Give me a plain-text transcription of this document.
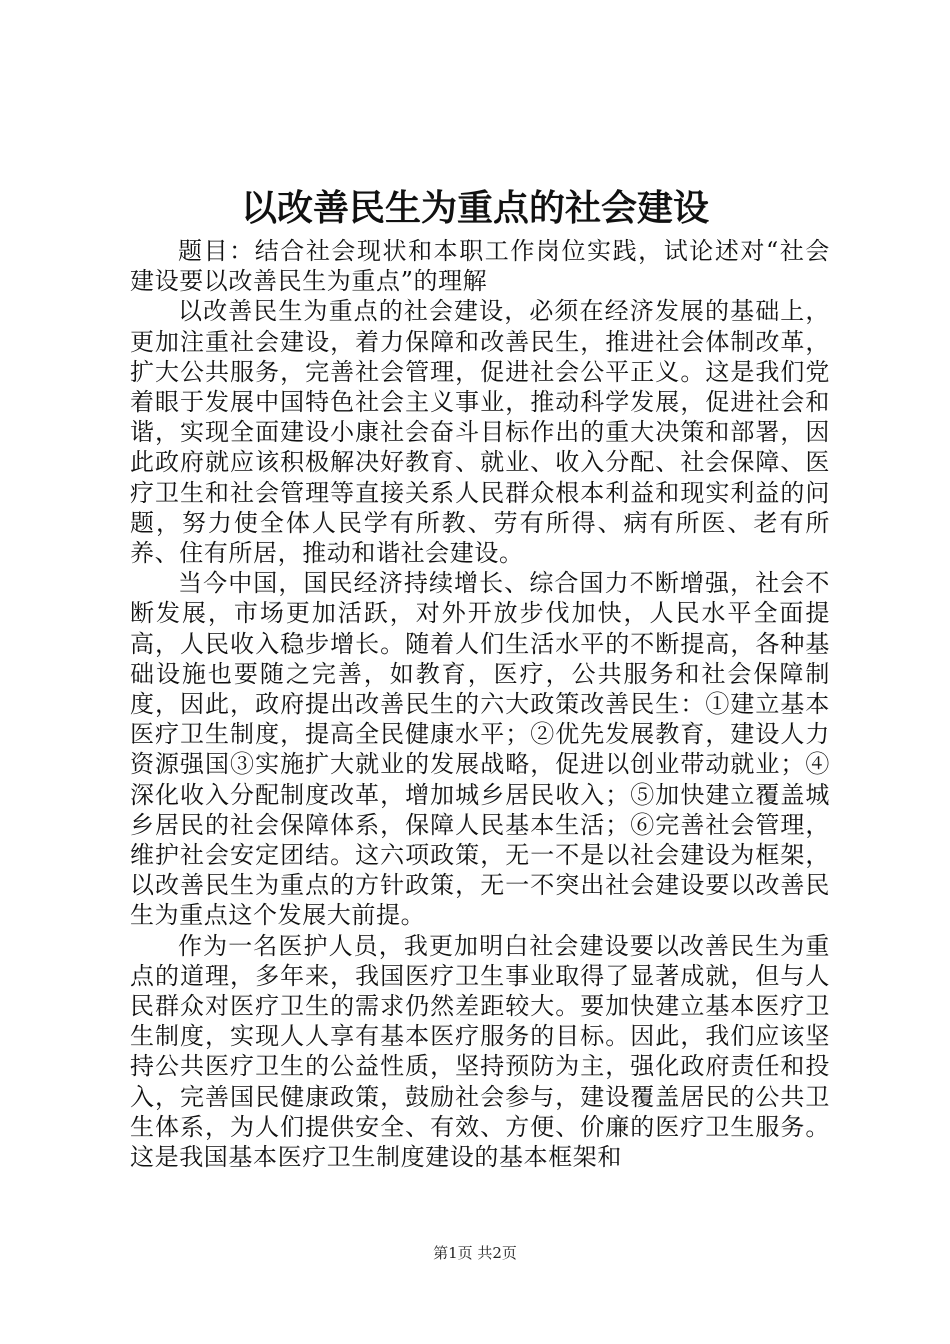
以改善民生为重点的社会建设

题目：结合社会现状和本职工作岗位实践，试论述对“社会建设要以改善民生为重点”的理解

以改善民生为重点的社会建设，必须在经济发展的基础上，更加注重社会建设，着力保障和改善民生，推进社会体制改革，扩大公共服务，完善社会管理，促进社会公平正义。这是我们党着眼于发展中国特色社会主义事业，推动科学发展，促进社会和谐，实现全面建设小康社会奋斗目标作出的重大决策和部署，因此政府就应该积极解决好教育、就业、收入分配、社会保障、医疗卫生和社会管理等直接关系人民群众根本利益和现实利益的问题，努力使全体人民学有所教、劳有所得、病有所医、老有所养、住有所居，推动和谐社会建设。

当今中国，国民经济持续增长、综合国力不断增强，社会不断发展，市场更加活跃，对外开放步伐加快，人民水平全面提高，人民收入稳步增长。随着人们生活水平的不断提高，各种基础设施也要随之完善，如教育，医疗，公共服务和社会保障制度，因此，政府提出改善民生的六大政策改善民生：①建立基本医疗卫生制度，提高全民健康水平；②优先发展教育，建设人力资源强国③实施扩大就业的发展战略，促进以创业带动就业；④深化收入分配制度改革，增加城乡居民收入；⑤加快建立覆盖城乡居民的社会保障体系，保障人民基本生活；⑥完善社会管理，维护社会安定团结。这六项政策，无一不是以社会建设为框架，以改善民生为重点的方针政策，无一不突出社会建设要以改善民生为重点这个发展大前提。

作为一名医护人员，我更加明白社会建设要以改善民生为重点的道理，多年来，我国医疗卫生事业取得了显著成就，但与人民群众对医疗卫生的需求仍然差距较大。要加快建立基本医疗卫生制度，实现人人享有基本医疗服务的目标。因此，我们应该坚持公共医疗卫生的公益性质，坚持预防为主，强化政府责任和投入，完善国民健康政策，鼓励社会参与，建设覆盖居民的公共卫生体系，为人们提供安全、有效、方便、价廉的医疗卫生服务。这是我国基本医疗卫生制度建设的基本框架和

第1页 共2页
